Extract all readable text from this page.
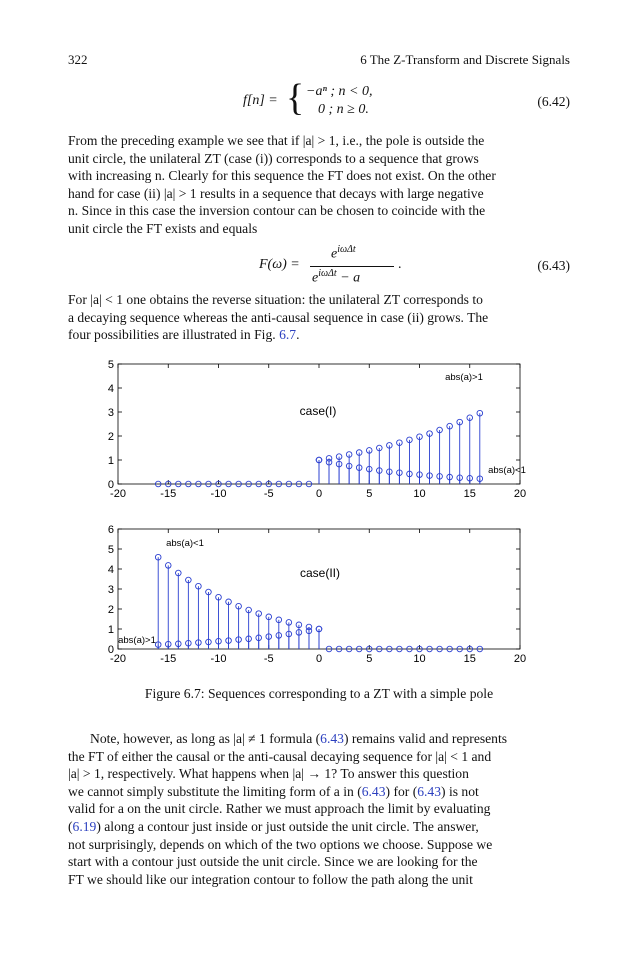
322	6 The Z-Transform and Discrete Signals
f[n] = { −aⁿ ; n < 0,
0 ; n ≥ 0.
(6.42)
From the preceding example we see that if |a| > 1, i.e., the pole is outside the
unit circle, the unilateral ZT (case (i)) corresponds to a sequence that grows
with increasing n. Clearly for this sequence the FT does not exist. On the other
hand for case (ii) |a| > 1 results in a sequence that decays with large negative
n. Since in this case the inversion contour can be chosen to coincide with the
unit circle the FT exists and equals
F(ω) =
$e^{i\omega\Delta t}$
$e^{i\omega\Delta t} - a$
.	(6.43)
For |a| < 1 one obtains the reverse situation: the unilateral ZT corresponds to
a decaying sequence whereas the anti-causal sequence in case (ii) grows. The
four possibilities are illustrated in Fig. 6.7.
-20	-15	-10	-5	0	5	10	15	20
0
1
2
3
4
5
case(I)
abs(a)>1
abs(a)<1
-20	-15	-10	-5	0	5	10	15	20
0
1
2
3
4
5
6
case(II)
abs(a)<1
abs(a)>1
Figure 6.7: Sequences corresponding to a ZT with a simple pole
Note, however, as long as |a| ≠ 1 formula (6.43) remains valid and represents
the FT of either the causal or the anti-causal decaying sequence for |a| < 1 and
|a| > 1, respectively. What happens when |a| → 1? To answer this question
we cannot simply substitute the limiting form of a in (6.43) for (6.43) is not
valid for a on the unit circle. Rather we must approach the limit by evaluating
(6.19) along a contour just inside or just outside the unit circle. The answer,
not surprisingly, depends on which of the two options we choose. Suppose we
start with a contour just outside the unit circle. Since we are looking for the
FT we should like our integration contour to follow the path along the unit
